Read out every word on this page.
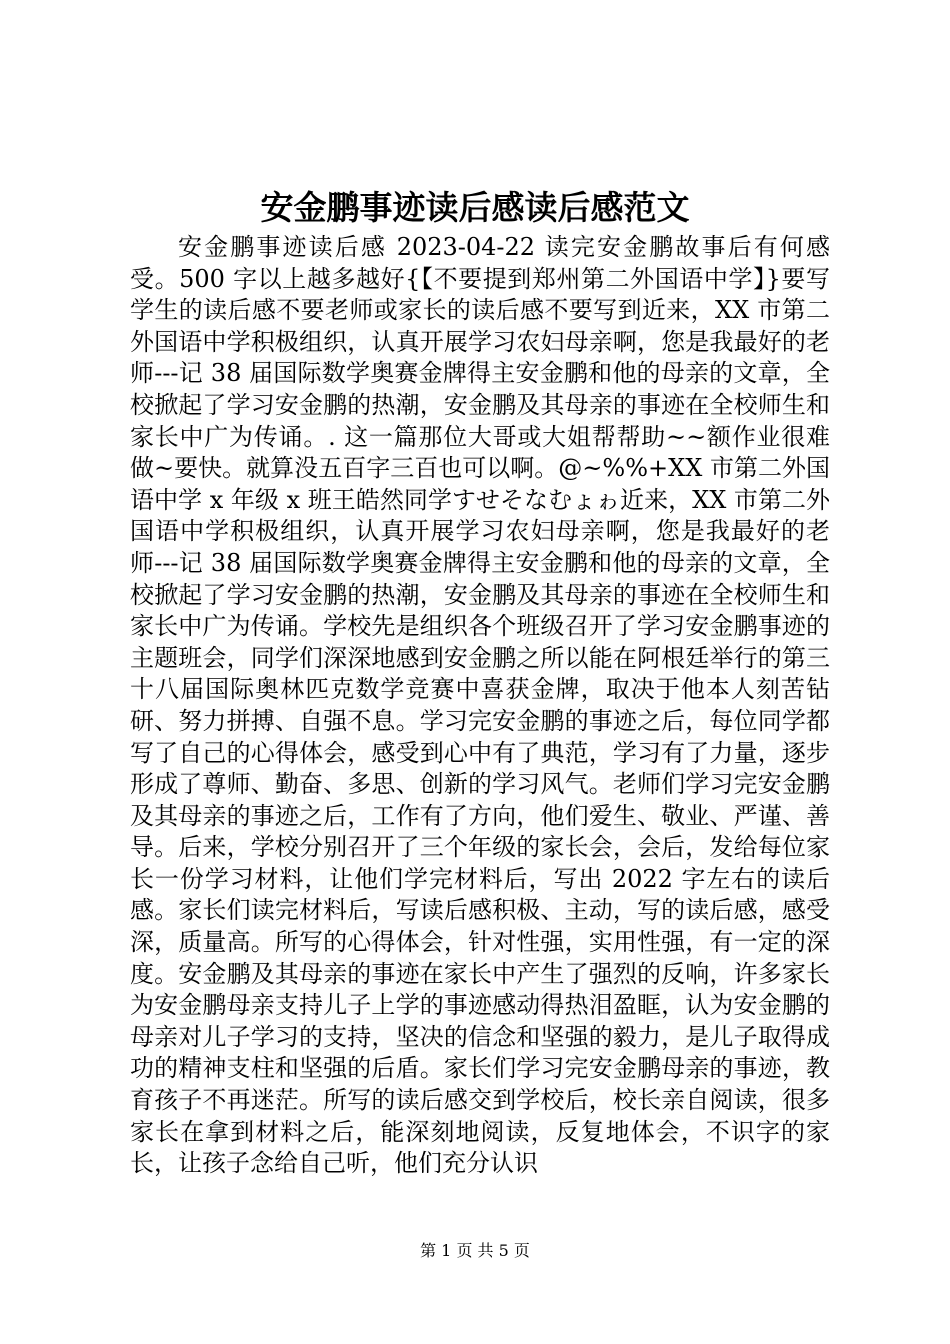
安金鹏事迹读后感读后感范文

安金鹏事迹读后感 2023-04-22 读完安金鹏故事后有何感受。500 字以上越多越好{【不要提到郑州第二外国语中学】}要写学生的读后感不要老师或家长的读后感不要写到近来，XX 市第二外国语中学积极组织，认真开展学习农妇母亲啊，您是我最好的老师---记 38 届国际数学奥赛金牌得主安金鹏和他的母亲的文章，全校掀起了学习安金鹏的热潮，安金鹏及其母亲的事迹在全校师生和家长中广为传诵。. 这一篇那位大哥或大姐帮帮助~~额作业很难做~要快。就算没五百字三百也可以啊。@~%%+XX 市第二外国语中学 x 年级 x 班王皓然同学すせそなむょゎ近来，XX 市第二外国语中学积极组织，认真开展学习农妇母亲啊，您是我最好的老师---记 38 届国际数学奥赛金牌得主安金鹏和他的母亲的文章，全校掀起了学习安金鹏的热潮，安金鹏及其母亲的事迹在全校师生和家长中广为传诵。学校先是组织各个班级召开了学习安金鹏事迹的主题班会，同学们深深地感到安金鹏之所以能在阿根廷举行的第三十八届国际奥林匹克数学竞赛中喜获金牌，取决于他本人刻苦钻研、努力拼搏、自强不息。学习完安金鹏的事迹之后，每位同学都写了自己的心得体会，感受到心中有了典范，学习有了力量，逐步形成了尊师、勤奋、多思、创新的学习风气。老师们学习完安金鹏及其母亲的事迹之后，工作有了方向，他们爱生、敬业、严谨、善导。后来，学校分别召开了三个年级的家长会，会后，发给每位家长一份学习材料，让他们学完材料后，写出 2022 字左右的读后感。家长们读完材料后，写读后感积极、主动，写的读后感，感受深，质量高。所写的心得体会，针对性强，实用性强，有一定的深度。安金鹏及其母亲的事迹在家长中产生了强烈的反响，许多家长为安金鹏母亲支持儿子上学的事迹感动得热泪盈眶，认为安金鹏的母亲对儿子学习的支持，坚决的信念和坚强的毅力，是儿子取得成功的精神支柱和坚强的后盾。家长们学习完安金鹏母亲的事迹，教育孩子不再迷茫。所写的读后感交到学校后，校长亲自阅读，很多家长在拿到材料之后，能深刻地阅读，反复地体会，不识字的家长，让孩子念给自己听，他们充分认识

第 1 页 共 5 页
